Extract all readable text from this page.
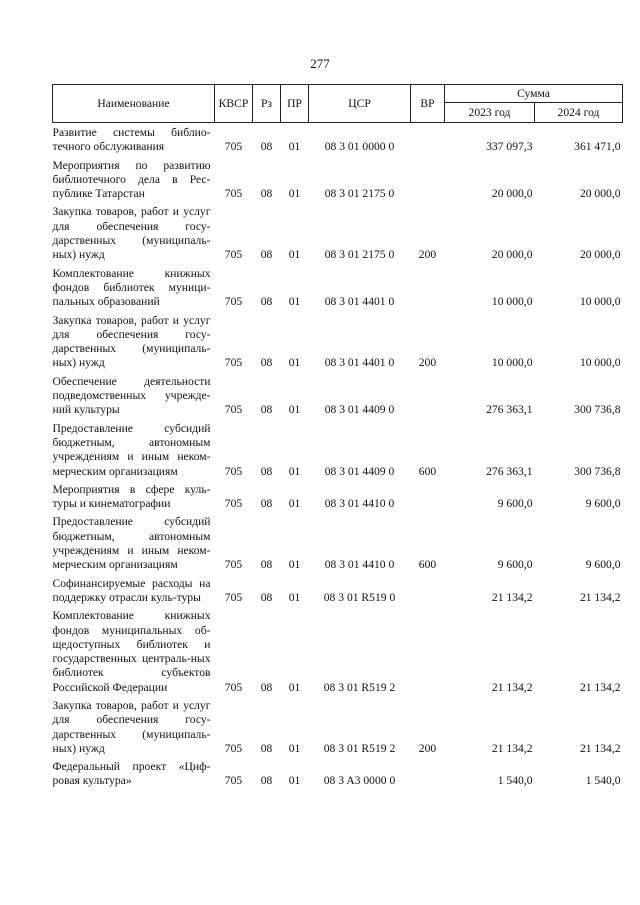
277
Наименование	КВСР	Рз	ПР	ЦСР	ВР	Сумма	
						2023 год	2024 год
Развитие системы библио-течного обслуживания	705	08	01	08 3 01 0000 0		337 097,3	361 471,0
Мероприятия по развитию библиотечного дела в Рес-публике Татарстан	705	08	01	08 3 01 2175 0		20 000,0	20 000,0
Закупка товаров, работ и услуг для обеспечения госу-дарственных (муниципаль-ных) нужд	705	08	01	08 3 01 2175 0	200	20 000,0	20 000,0
Комплектование книжных фондов библиотек муници-пальных образований	705	08	01	08 3 01 4401 0		10 000,0	10 000,0
Закупка товаров, работ и услуг для обеспечения госу-дарственных (муниципаль-ных) нужд	705	08	01	08 3 01 4401 0	200	10 000,0	10 000,0
Обеспечение деятельности подведомственных учрежде-ний культуры	705	08	01	08 3 01 4409 0		276 363,1	300 736,8
Предоставление субсидий бюджетным, автономным учреждениям и иным неком-мерческим организациям	705	08	01	08 3 01 4409 0	600	276 363,1	300 736,8
Мероприятия в сфере куль-туры и кинематографии	705	08	01	08 3 01 4410 0		9 600,0	9 600,0
Предоставление субсидий бюджетным, автономным учреждениям и иным неком-мерческим организациям	705	08	01	08 3 01 4410 0	600	9 600,0	9 600,0
Софинансируемые расходы на поддержку отрасли куль-туры	705	08	01	08 3 01 R519 0		21 134,2	21 134,2
Комплектование книжных фондов муниципальных об-щедоступных библиотек и государственных централь-ных библиотек субъектов Российской Федерации	705	08	01	08 3 01 R519 2		21 134,2	21 134,2
Закупка товаров, работ и услуг для обеспечения госу-дарственных (муниципаль-ных) нужд	705	08	01	08 3 01 R519 2	200	21 134,2	21 134,2
Федеральный проект «Циф-ровая культура»	705	08	01	08 3 A3 0000 0		1 540,0	1 540,0
